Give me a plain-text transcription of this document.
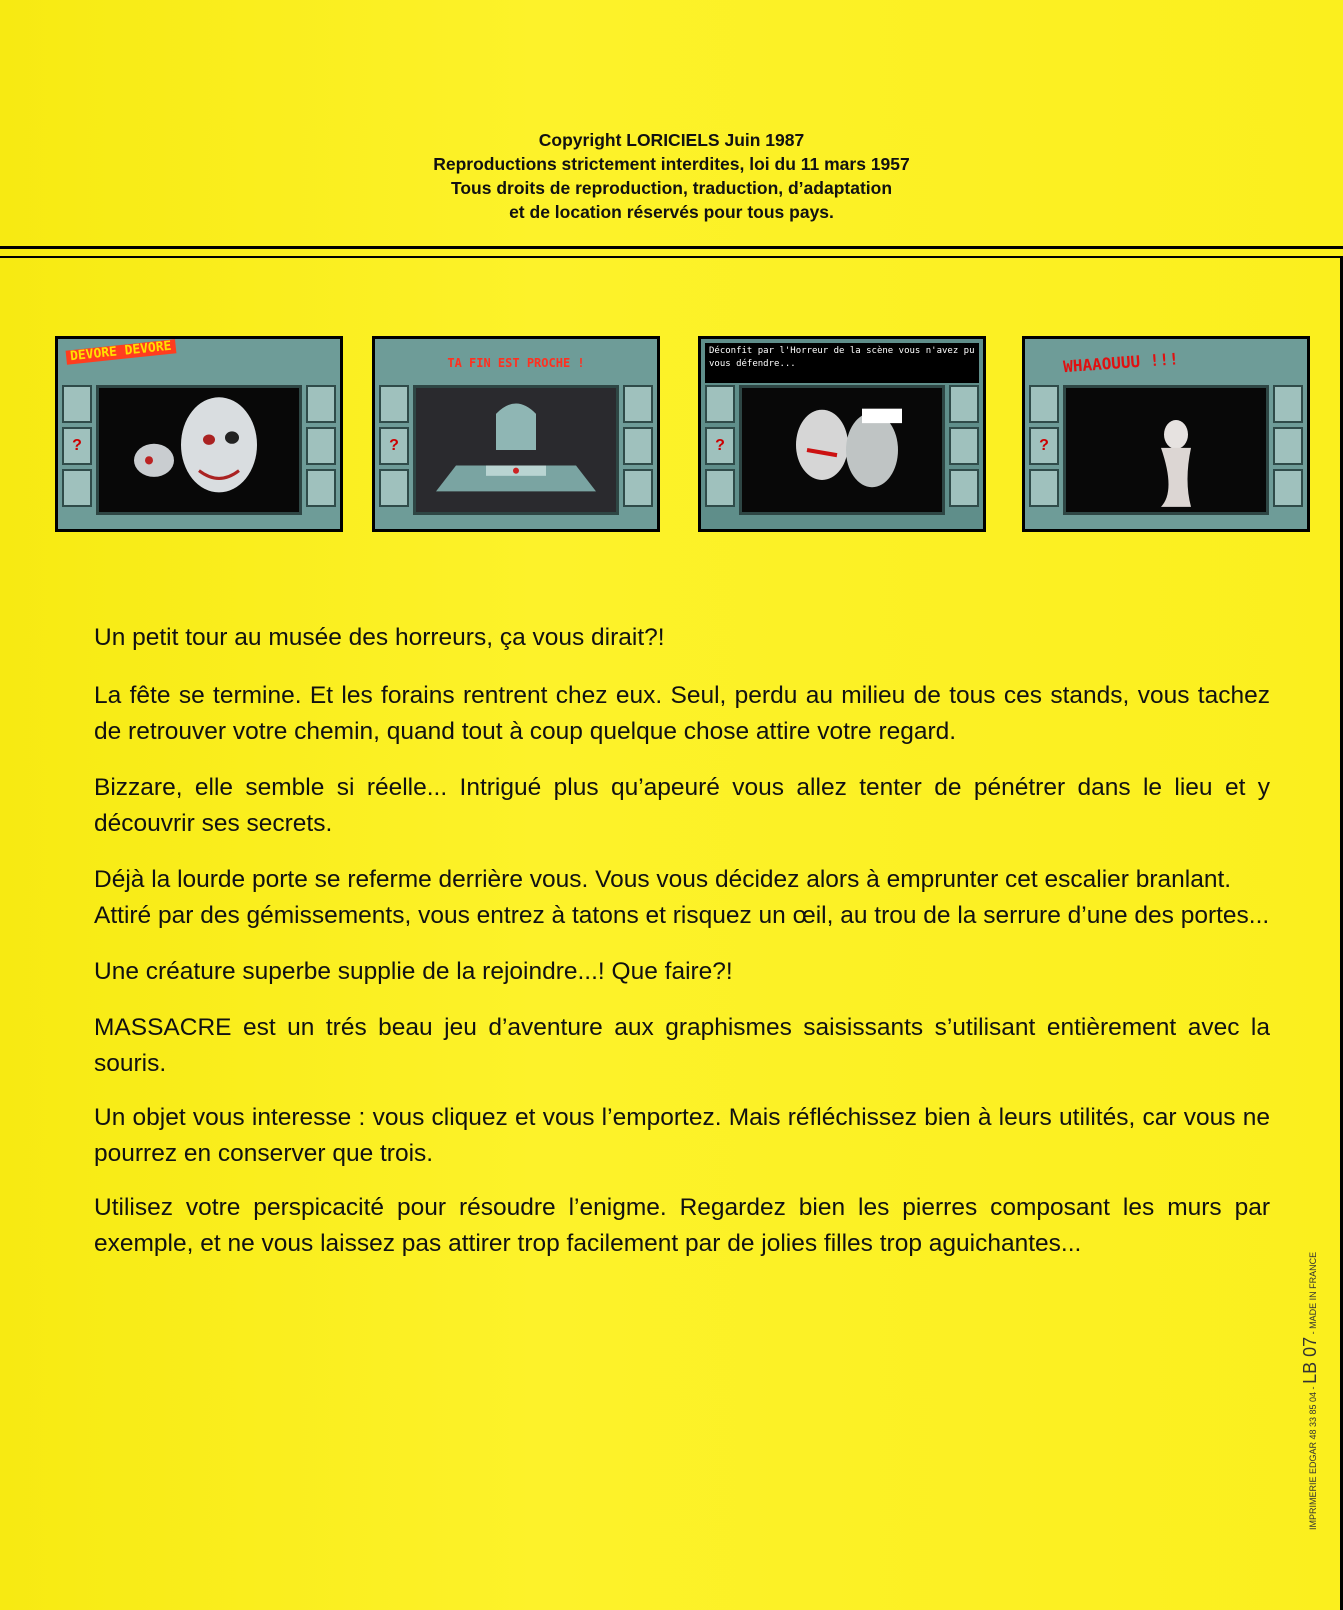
Copyright LORICIELS Juin 1987
Reproductions strictement interdites, loi du 11 mars 1957
Tous droits de reproduction, traduction, d’adaptation
et de location réservés pour tous pays.
DEVORE DEVORE
?
TA FIN EST PROCHE !
?
Déconfit par l'Horreur de la scène vous n'avez pu vous défendre...
?
WHAAOUUU !!!
?

Un petit tour au musée des horreurs, ça vous dirait?!

La fête se termine. Et les forains rentrent chez eux. Seul, perdu au milieu de tous ces stands, vous tachez de retrouver votre chemin, quand tout à coup quelque chose attire votre regard.

Bizzare, elle semble si réelle... Intrigué plus qu’apeuré vous allez tenter de pénétrer dans le lieu et y découvrir ses secrets.

Déjà la lourde porte se referme derrière vous. Vous vous décidez alors à emprunter cet escalier branlant.

Attiré par des gémissements, vous entrez à tatons et risquez un œil, au trou de la serrure d’une des portes...

Une créature superbe supplie de la rejoindre...! Que faire?!

MASSACRE est un trés beau jeu d’aventure aux graphismes saisissants s’utilisant entièrement avec la souris.

Un objet vous interesse : vous cliquez et vous l’emportez. Mais réfléchissez bien à leurs utilités, car vous ne pourrez en conserver que trois.

Utilisez votre perspicacité pour résoudre l’enigme. Regardez bien les pierres composant les murs par exemple, et ne vous laissez pas attirer trop facilement par de jolies filles trop aguichantes...

IMPRIMERIE EDGAR 48 33 85 04 - LB 07 - MADE IN FRANCE
